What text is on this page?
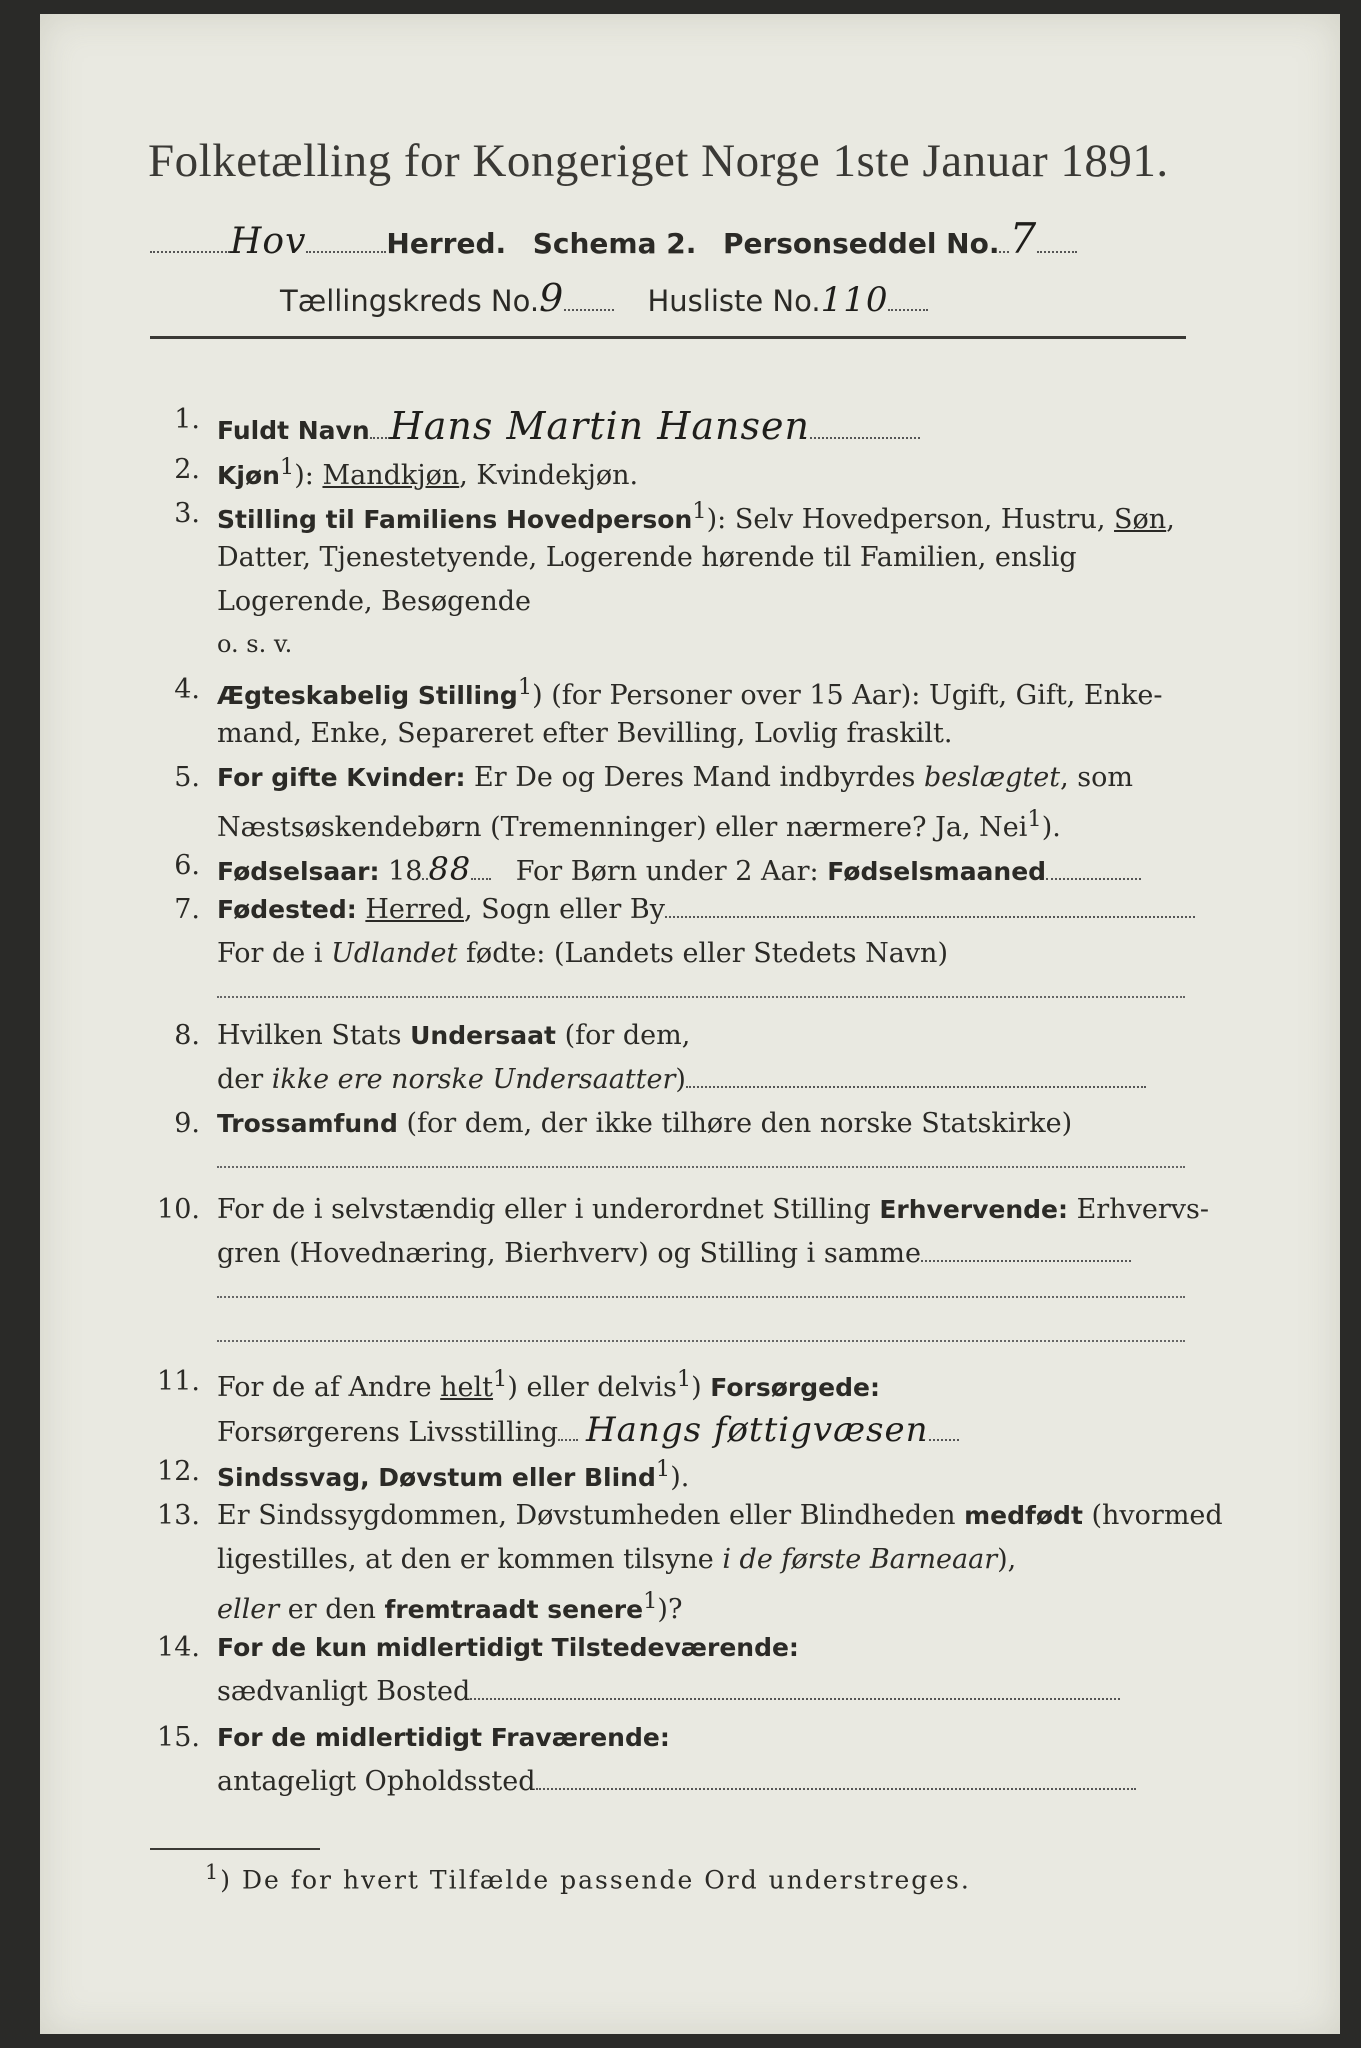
Folketælling for Kongeriget Norge 1ste Januar 1891.
Hov	Herred. Schema 2. Personseddel No. 7
Tællingskreds No.9	Husliste No.110
1. Fuldt Navn Hans Martin Hansen
2. Kjøn$^1$): Mandkjøn, Kvindekjøn.
3. Stilling til Familiens Hovedperson$^1$): Selv Hovedperson, Hustru, Søn,
Datter, Tjenestetyende, Logerende hørende til Familien, enslig
Logerende, Besøgende
o. s. v.
4. Ægteskabelig Stilling$^1$) (for Personer over 15 Aar): Ugift, Gift, Enke-
mand, Enke, Separeret efter Bevilling, Lovlig fraskilt.
5. For gifte Kvinder: Er De og Deres Mand indbyrdes beslægtet, som
Næstsøskendebørn (Tremenninger) eller nærmere? Ja, Nei$^1$).
6. Fødselsaar: 18 88 For Børn under 2 Aar: Fødselsmaaned
7. Fødested: Herred, Sogn eller By
For de i Udlandet fødte: (Landets eller Stedets Navn)
8. Hvilken Stats Undersaat (for dem,
der ikke ere norske Undersaatter)
9. Trossamfund (for dem, der ikke tilhøre den norske Statskirke)
10. For de i selvstændig eller i underordnet Stilling Erhvervende: Erhvervs-
gren (Hovednæring, Bierhverv) og Stilling i samme
11. For de af Andre helt$^1$) eller delvis$^1$) Forsørgede:
Forsørgerens Livsstilling Hangs føttigvæsen
12. Sindssvag, Døvstum eller Blind$^1$).
13. Er Sindssygdommen, Døvstumheden eller Blindheden medfødt (hvormed
ligestilles, at den er kommen tilsyne i de første Barneaar),
eller er den fremtraadt senere$^1$)?
14. For de kun midlertidigt Tilstedeværende:
sædvanligt Bosted
15. For de midlertidigt Fraværende:
antageligt Opholdssted
$^1$) De for hvert Tilfælde passende Ord understreges.
